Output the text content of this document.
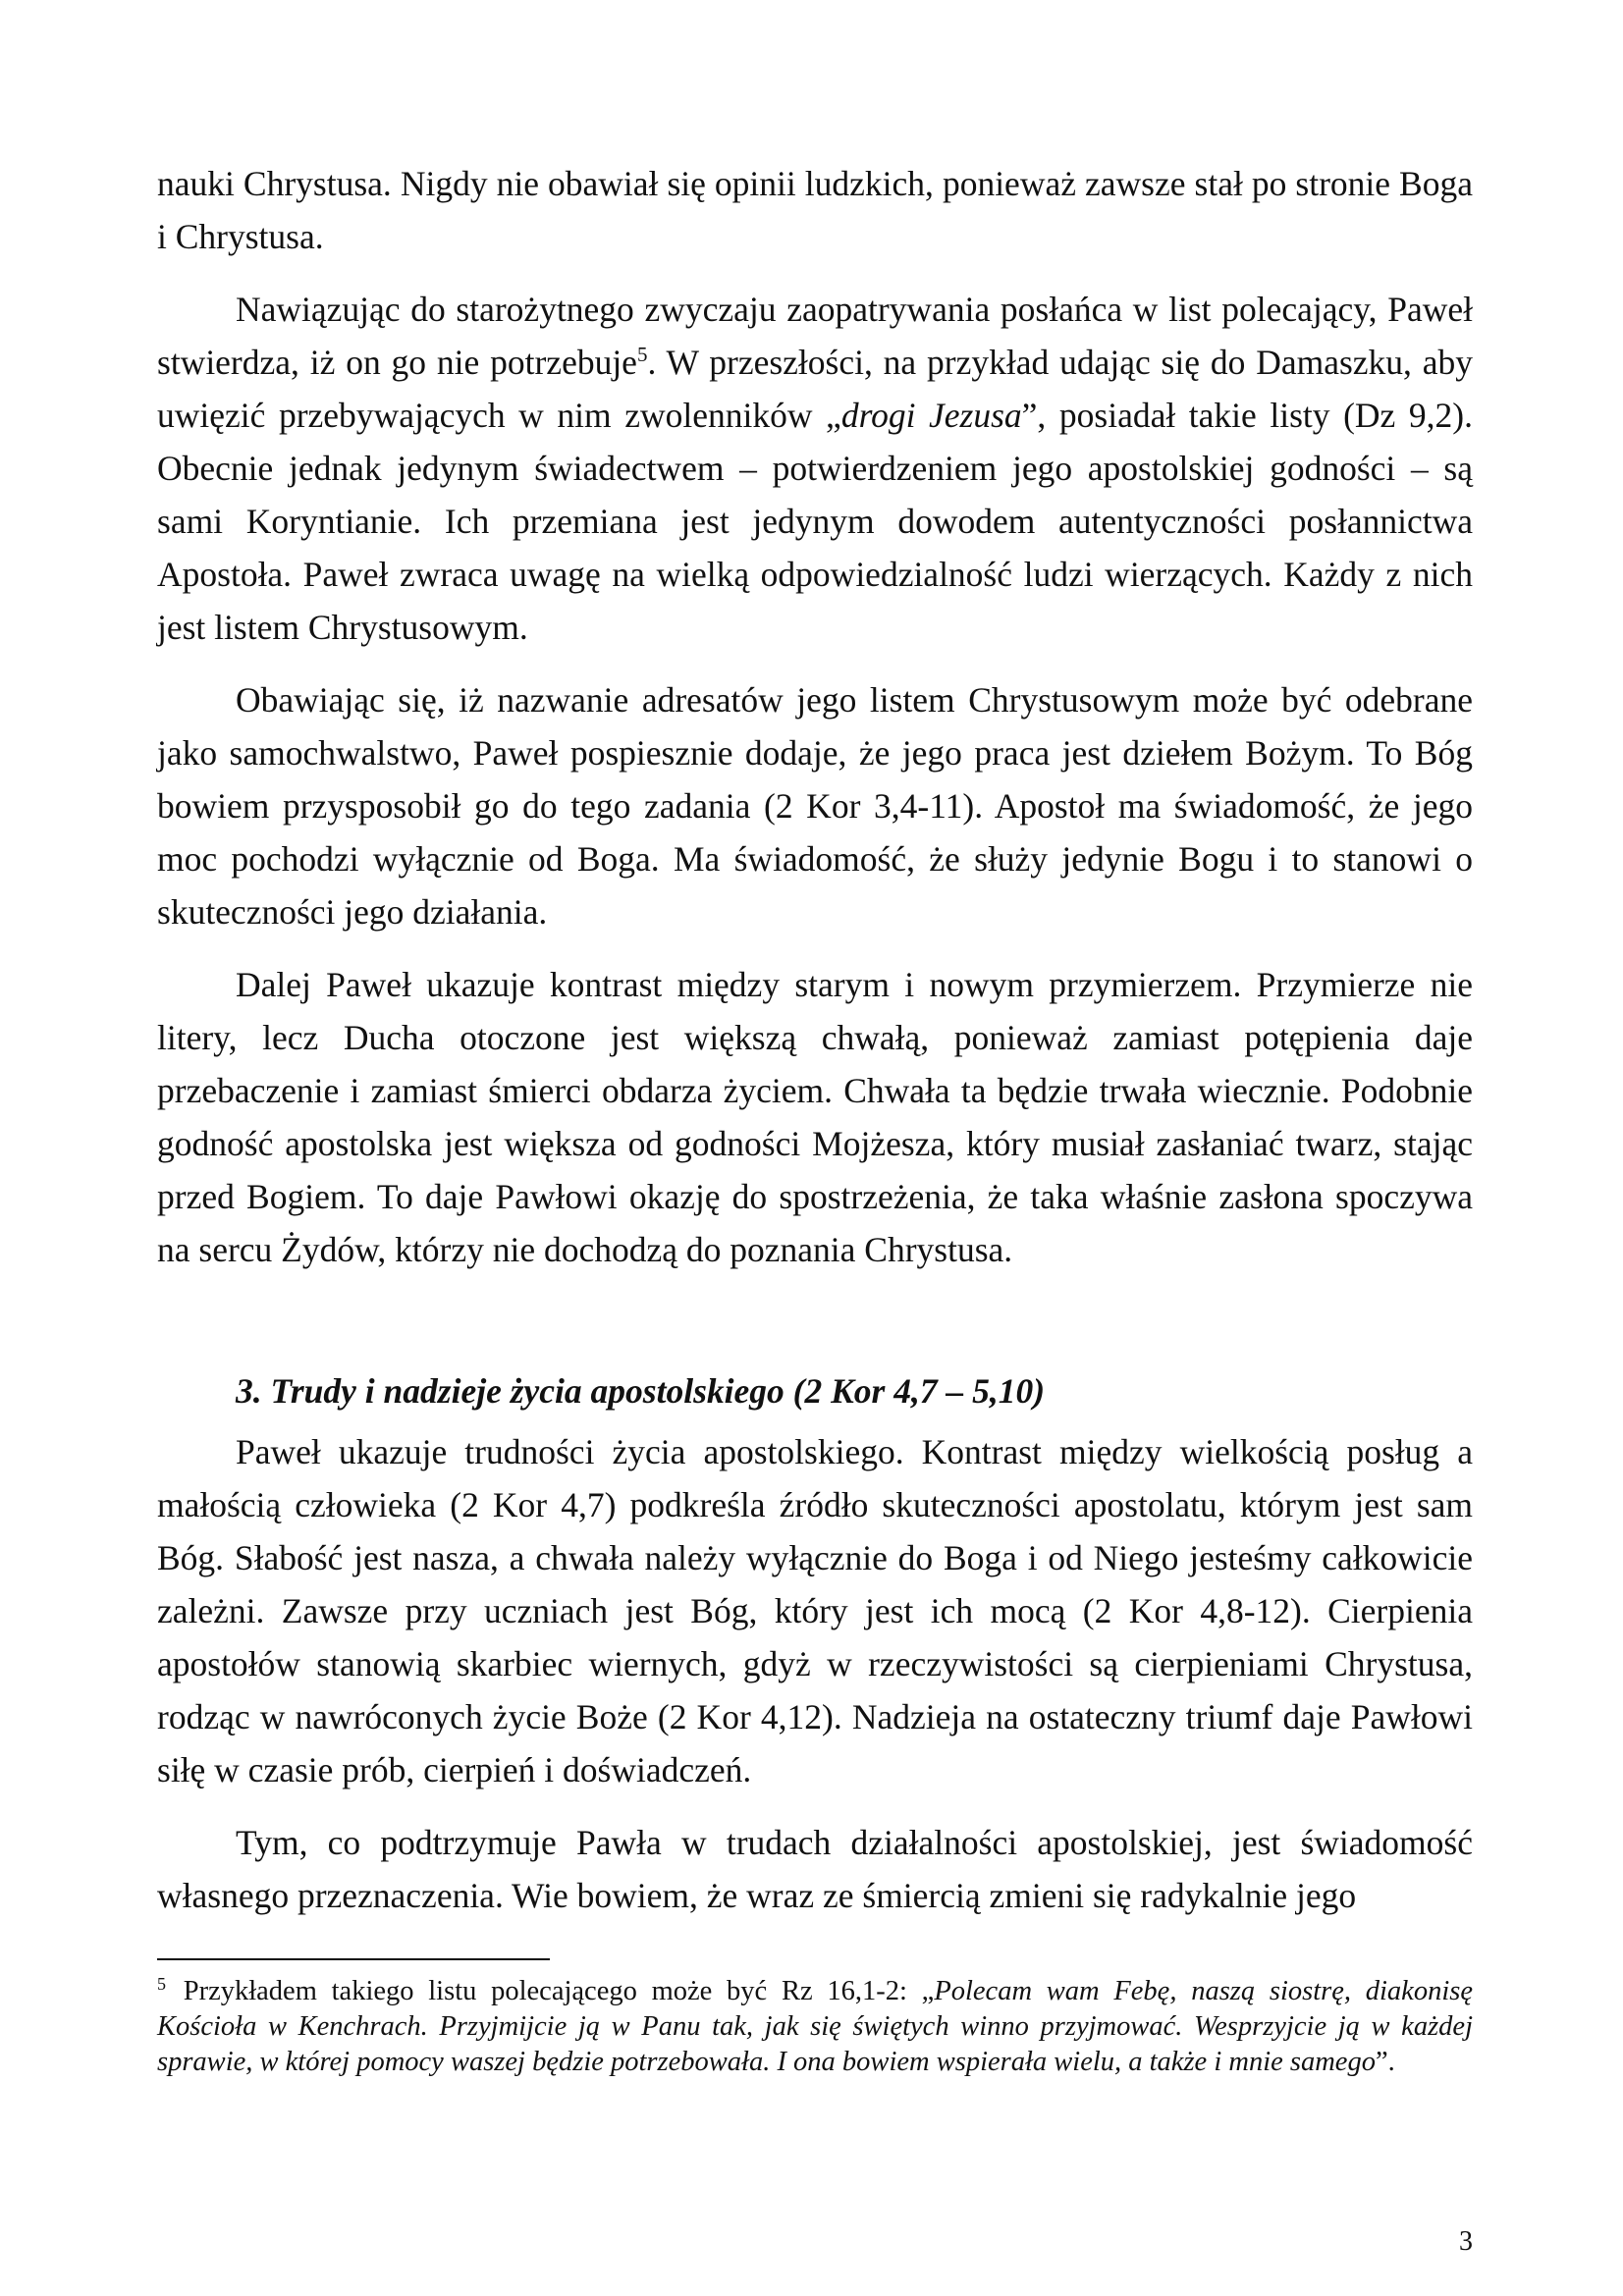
nauki Chrystusa. Nigdy nie obawiał się opinii ludzkich, ponieważ zawsze stał po stronie Boga i Chrystusa.

Nawiązując do starożytnego zwyczaju zaopatrywania posłańca w list polecający, Paweł stwierdza, iż on go nie potrzebuje$^5$. W przeszłości, na przykład udając się do Damaszku, aby uwięzić przebywających w nim zwolenników „drogi Jezusa”, posiadał takie listy (Dz 9,2). Obecnie jednak jedynym świadectwem – potwierdzeniem jego apostolskiej godności – są sami Koryntianie. Ich przemiana jest jedynym dowodem autentyczności posłannictwa Apostoła. Paweł zwraca uwagę na wielką odpowiedzialność ludzi wierzących. Każdy z nich jest listem Chrystusowym.

Obawiając się, iż nazwanie adresatów jego listem Chrystusowym może być odebrane jako samochwalstwo, Paweł pospiesznie dodaje, że jego praca jest dziełem Bożym. To Bóg bowiem przysposobił go do tego zadania (2 Kor 3,4-11). Apostoł ma świadomość, że jego moc pochodzi wyłącznie od Boga. Ma świadomość, że służy jedynie Bogu i to stanowi o skuteczności jego działania.

Dalej Paweł ukazuje kontrast między starym i nowym przymierzem. Przymierze nie litery, lecz Ducha otoczone jest większą chwałą, ponieważ zamiast potępienia daje przebaczenie i zamiast śmierci obdarza życiem. Chwała ta będzie trwała wiecznie. Podobnie godność apostolska jest większa od godności Mojżesza, który musiał zasłaniać twarz, stając przed Bogiem. To daje Pawłowi okazję do spostrzeżenia, że taka właśnie zasłona spoczywa na sercu Żydów, którzy nie dochodzą do poznania Chrystusa.

3. Trudy i nadzieje życia apostolskiego (2 Kor 4,7 – 5,10)

Paweł ukazuje trudności życia apostolskiego. Kontrast między wielkością posług a małością człowieka (2 Kor 4,7) podkreśla źródło skuteczności apostolatu, którym jest sam Bóg. Słabość jest nasza, a chwała należy wyłącznie do Boga i od Niego jesteśmy całkowicie zależni. Zawsze przy uczniach jest Bóg, który jest ich mocą (2 Kor 4,8-12). Cierpienia apostołów stanowią skarbiec wiernych, gdyż w rzeczywistości są cierpieniami Chrystusa, rodząc w nawróconych życie Boże (2 Kor 4,12). Nadzieja na ostateczny triumf daje Pawłowi siłę w czasie prób, cierpień i doświadczeń.

Tym, co podtrzymuje Pawła w trudach działalności apostolskiej, jest świadomość własnego przeznaczenia. Wie bowiem, że wraz ze śmiercią zmieni się radykalnie jego

$^5$ Przykładem takiego listu polecającego może być Rz 16,1-2: „Polecam wam Febę, naszą siostrę, diakonisę Kościoła w Kenchrach. Przyjmijcie ją w Panu tak, jak się świętych winno przyjmować. Wesprzyjcie ją w każdej sprawie, w której pomocy waszej będzie potrzebowała. I ona bowiem wspierała wielu, a także i mnie samego”.

3
